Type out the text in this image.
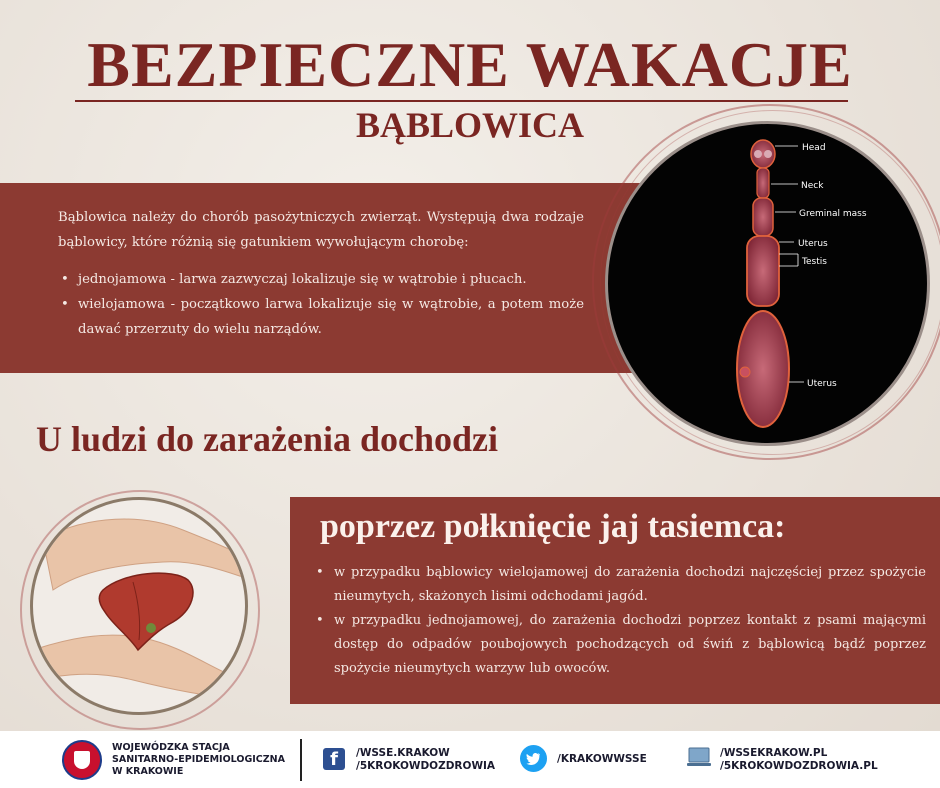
BEZPIECZNE WAKACJE
BĄBLOWICA

Bąblowica należy do chorób pasożytniczych zwierząt. Występują dwa rodzaje bąblowicy, które różnią się gatunkiem wywołującym chorobę:

• jednojamowa - larwa zazwyczaj lokalizuje się w wątrobie i płucach.
• wielojamowa - początkowo larwa lokalizuje się w wątrobie, a potem może dawać przerzuty do wielu narządów.
Head
Neck
Greminal mass
Uterus
Testis
Uterus
U ludzi do zarażenia dochodzi
poprzez połknięcie jaj tasiemca:
• w przypadku bąblowicy wielojamowej do zarażenia dochodzi najczęściej przez spożycie nieumytych, skażonych lisimi odchodami jagód.
• w przypadku jednojamowej, do zarażenia dochodzi poprzez kontakt z psami mającymi dostęp do odpadów poubojowych pochodzących od świń z bąblowicą bądź poprzez spożycie nieumytych warzyw lub owoców.
WOJEWÓDZKA STACJA
SANITARNO-EPIDEMIOLOGICZNA
W KRAKOWIE
f	/WSSE.KRAKOW
/5KROKOWDOZDROWIA
/KRAKOWWSSE	/WSSEKRAKOW.PL
/5KROKOWDOZDROWIA.PL
